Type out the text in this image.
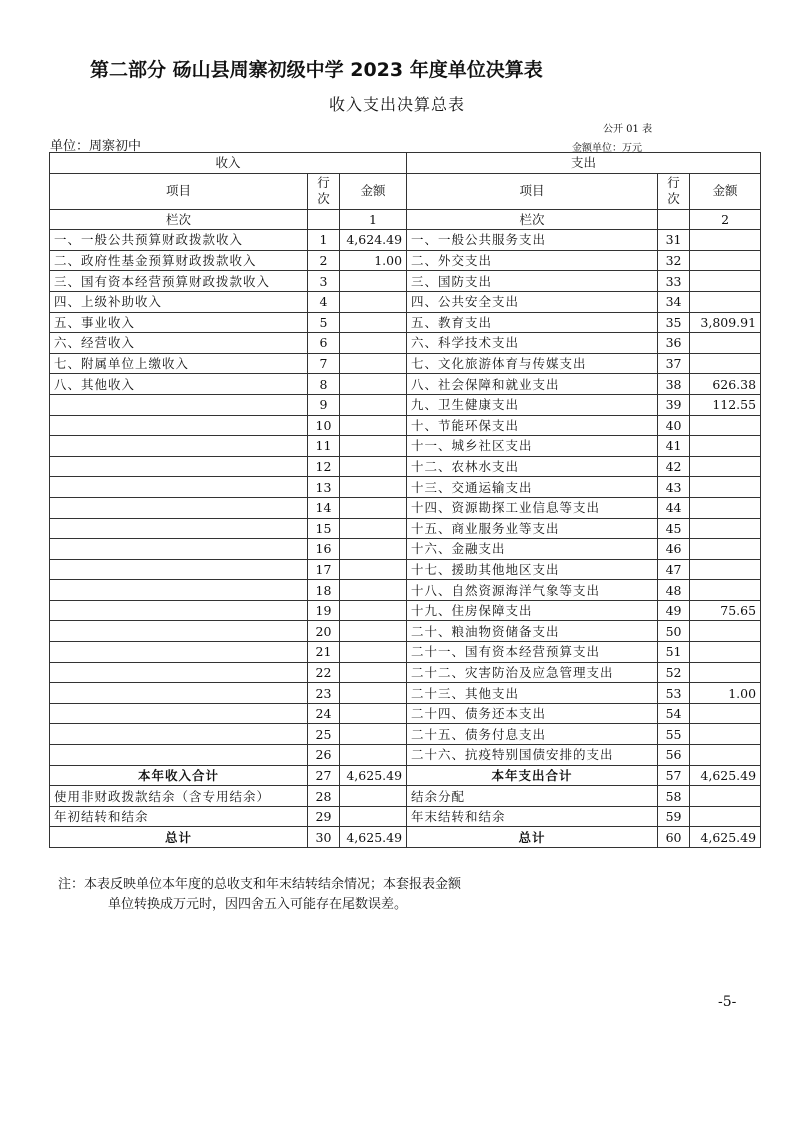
第二部分 砀山县周寨初级中学 2023 年度单位决算表
收入支出决算总表
公开 01 表
单位：周寨初中	金额单位：万元
收入			支出		
项目	行次	金额	项目	行次	金额
栏次		1	栏次		2
一、一般公共预算财政拨款收入	1	4,624.49	一、一般公共服务支出	31	
二、政府性基金预算财政拨款收入	2	1.00	二、外交支出	32	
三、国有资本经营预算财政拨款收入	3		三、国防支出	33	
四、上级补助收入	4		四、公共安全支出	34	
五、事业收入	5		五、教育支出	35	3,809.91
六、经营收入	6		六、科学技术支出	36	
七、附属单位上缴收入	7		七、文化旅游体育与传媒支出	37	
八、其他收入	8		八、社会保障和就业支出	38	626.38
	9		九、卫生健康支出	39	112.55
	10		十、节能环保支出	40	
	11		十一、城乡社区支出	41	
	12		十二、农林水支出	42	
	13		十三、交通运输支出	43	
	14		十四、资源勘探工业信息等支出	44	
	15		十五、商业服务业等支出	45	
	16		十六、金融支出	46	
	17		十七、援助其他地区支出	47	
	18		十八、自然资源海洋气象等支出	48	
	19		十九、住房保障支出	49	75.65
	20		二十、粮油物资储备支出	50	
	21		二十一、国有资本经营预算支出	51	
	22		二十二、灾害防治及应急管理支出	52	
	23		二十三、其他支出	53	1.00
	24		二十四、债务还本支出	54	
	25		二十五、债务付息支出	55	
	26		二十六、抗疫特别国债安排的支出	56	
本年收入合计	27	4,625.49	本年支出合计	57	4,625.49
使用非财政拨款结余（含专用结余）	28		结余分配	58	
年初结转和结余	29		年末结转和结余	59	
总计	30	4,625.49	总计	60	4,625.49
注：本表反映单位本年度的总收支和年末结转结余情况；本套报表金额
单位转换成万元时，因四舍五入可能存在尾数误差。
-5-
